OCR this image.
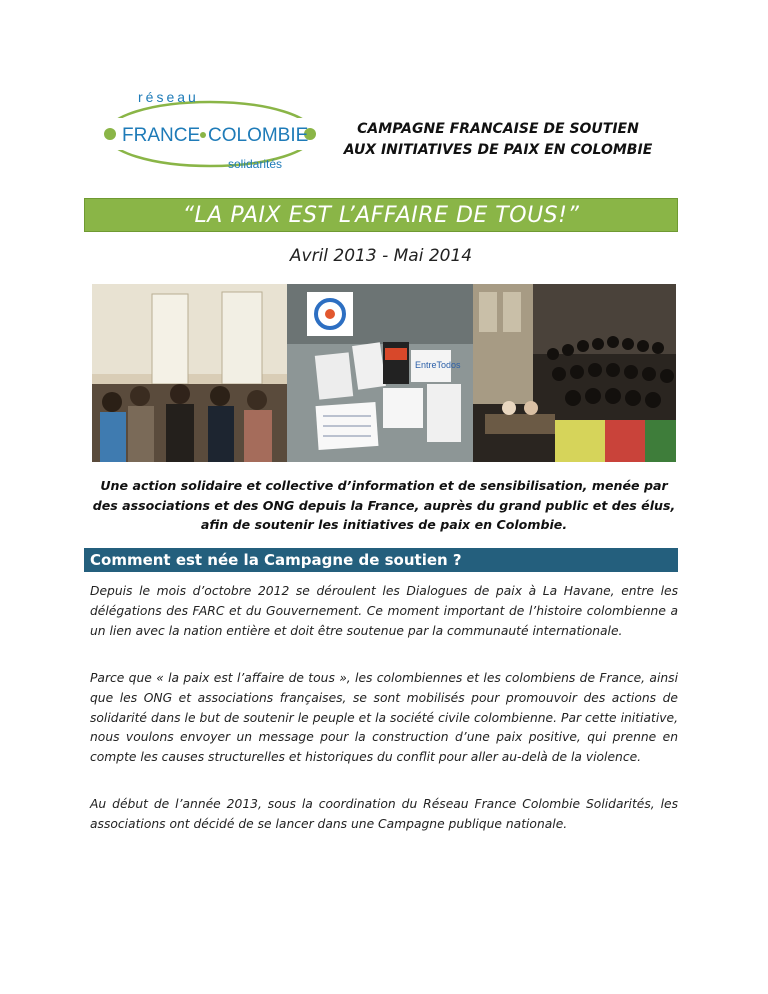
réseau
FRANCE COLOMBIE
solidarités
CAMPAGNE FRANCAISE DE SOUTIEN
AUX INITIATIVES DE PAIX EN COLOMBIE
“LA PAIX EST L’AFFAIRE DE TOUS!”
Avril 2013 - Mai 2014
EntreTodos
Une action solidaire et collective d’information et de sensibilisation, menée par des associations et des ONG depuis la France, auprès du grand public et des élus, afin de soutenir les initiatives de paix en Colombie.
Comment est née la Campagne de soutien ?
Depuis le mois d’octobre 2012 se déroulent les Dialogues de paix à La Havane, entre les délégations des FARC et du Gouvernement. Ce moment important de l’histoire colombienne a un lien avec la nation entière et doit être soutenue par la communauté internationale.
Parce que « la paix est l’affaire de tous », les colombiennes et les colombiens de France, ainsi que les ONG et associations françaises, se sont mobilisés pour promouvoir des actions de solidarité dans le but de soutenir le peuple et la société civile colombienne. Par cette initiative, nous voulons envoyer un message pour la construction d’une paix positive, qui prenne en compte les causes structurelles et historiques du conflit pour aller au-delà de la violence.
Au début de l’année 2013, sous la coordination du Réseau France Colombie Solidarités, les associations ont décidé de se lancer dans une Campagne publique nationale.
